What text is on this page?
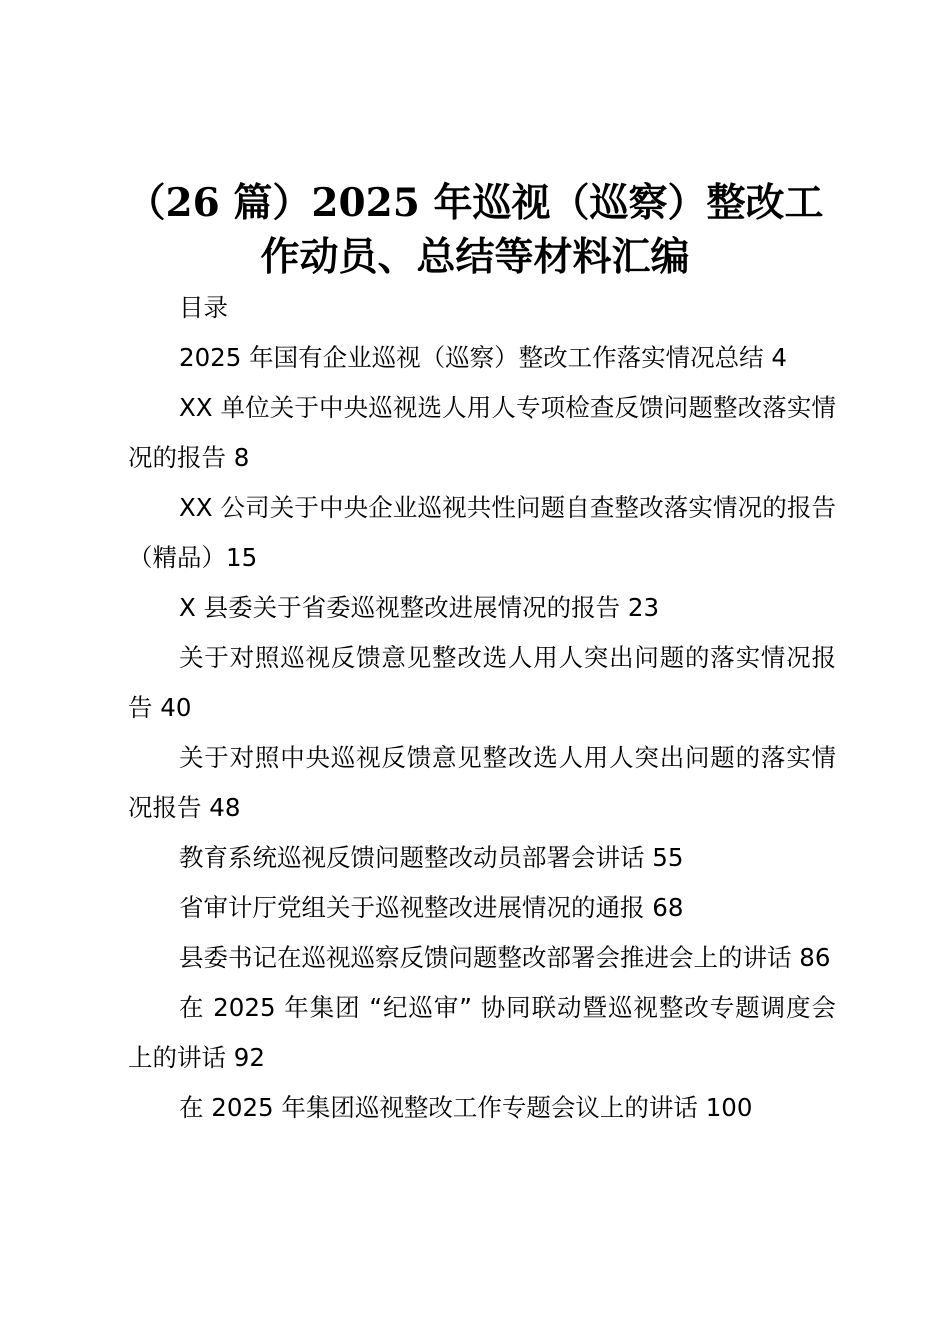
（26 篇）2025 年巡视（巡察）整改工
作动员、总结等材料汇编
目录
2025 年国有企业巡视（巡察）整改工作落实情况总结 4
XX 单位关于中央巡视选人用人专项检查反馈问题整改落实情况的报告 8
XX 公司关于中央企业巡视共性问题自查整改落实情况的报告（精品）15
X 县委关于省委巡视整改进展情况的报告 23
关于对照巡视反馈意见整改选人用人突出问题的落实情况报告 40
关于对照中央巡视反馈意见整改选人用人突出问题的落实情况报告 48
教育系统巡视反馈问题整改动员部署会讲话 55
省审计厅党组关于巡视整改进展情况的通报 68
县委书记在巡视巡察反馈问题整改部署会推进会上的讲话 86
在 2025 年集团 “纪巡审” 协同联动暨巡视整改专题调度会上的讲话 92
在 2025 年集团巡视整改工作专题会议上的讲话 100
